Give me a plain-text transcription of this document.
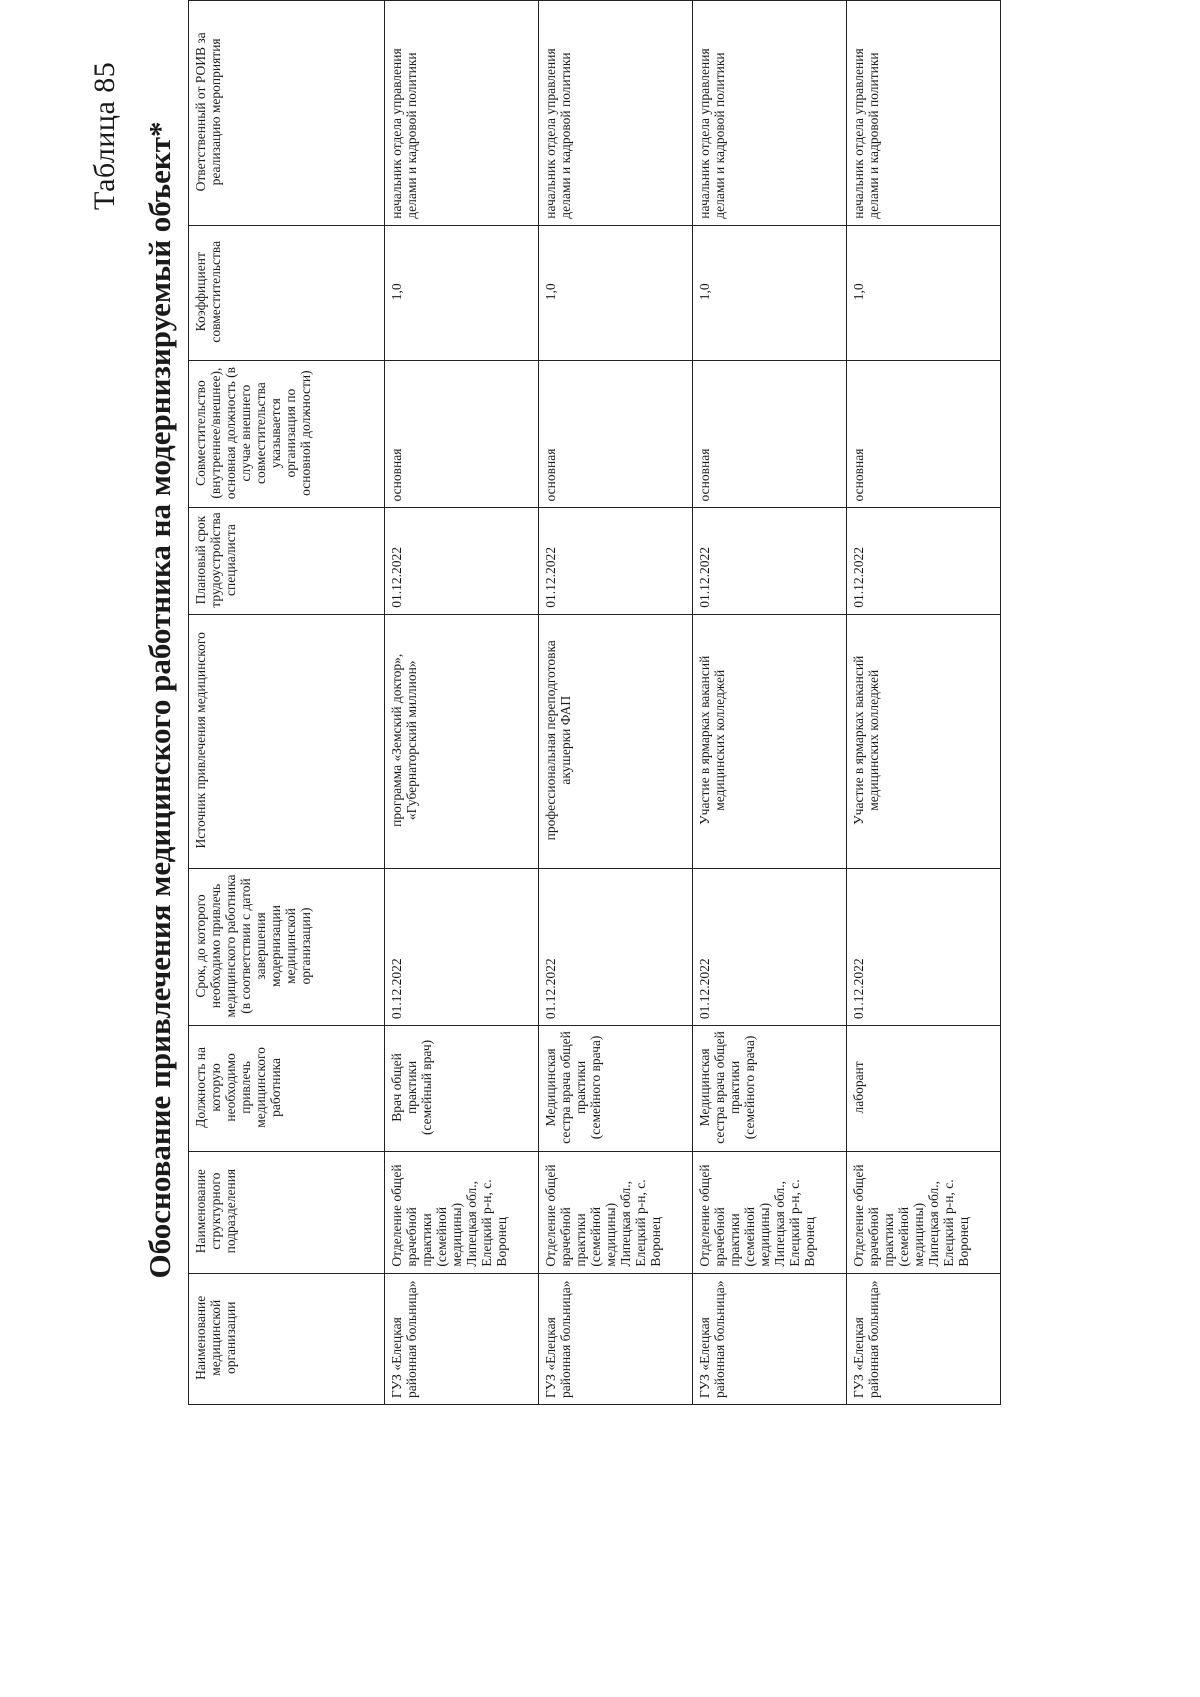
Таблица 85 Обоснование привлечения медицинского работника на модернизируемый объект*
Наименование медицинской организации	Наименование структурного подразделения	Должность на которую необходимо привлечь медицинского работника	Срок, до которого необходимо привлечь медицинского работника (в соответствии с датой завершения модернизации медицинской организации)	Источник привлечения медицинского	Плановый срок трудоустройства специалиста	Совместительство (внутреннее/внешнее), основная должность (в случае внешнего совместительства указывается организация по основной должности)	Коэффициент совместительства	Ответственный от РОИВ за реализацию мероприятия
ГУЗ «Елецкая районная больница»	Отделение общей врачебной практики (семейной медицины) Липецкая обл., Елецкий р-н, с. Воронец	Врач общей практики (семейный врач)	01.12.2022	программа «Земский доктор», «Губернаторский миллион»	01.12.2022	основная	1,0	начальник отдела управления делами и кадровой политики
ГУЗ «Елецкая районная больница»	Отделение общей врачебной практики (семейной медицины) Липецкая обл., Елецкий р-н, с. Воронец	Медицинская сестра врача общей практики (семейного врача)	01.12.2022	профессиональная переподготовка акушерки ФАП	01.12.2022	основная	1,0	начальник отдела управления делами и кадровой политики
ГУЗ «Елецкая районная больница»	Отделение общей врачебной практики (семейной медицины) Липецкая обл., Елецкий р-н, с. Воронец	Медицинская сестра врача общей практики (семейного врача)	01.12.2022	Участие в ярмарках вакансий медицинских колледжей	01.12.2022	основная	1,0	начальник отдела управления делами и кадровой политики
ГУЗ «Елецкая районная больница»	Отделение общей врачебной практики (семейной медицины) Липецкая обл., Елецкий р-н, с. Воронец	лаборант	01.12.2022	Участие в ярмарках вакансий медицинских колледжей	01.12.2022	основная	1,0	начальник отдела управления делами и кадровой политики
